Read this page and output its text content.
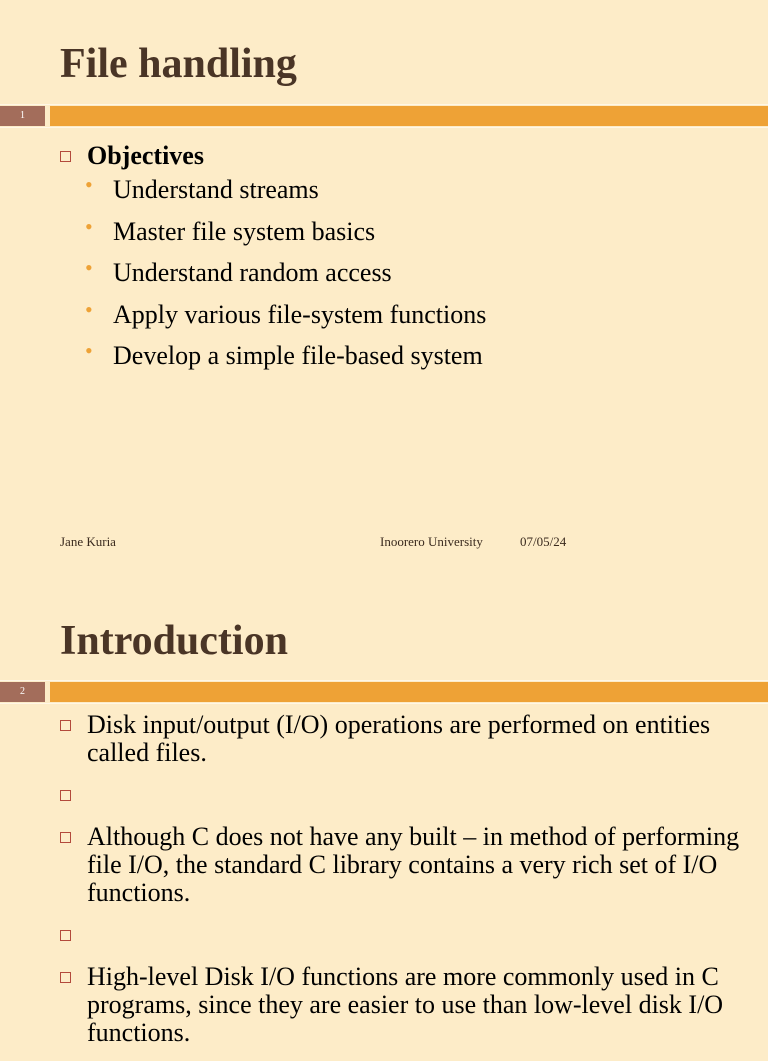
File handling
1
Objectives
• Understand streams
• Master file system basics
• Understand random access
• Apply various file-system functions
• Develop a simple file-based system
Jane Kuria	Inoorero University	07/05/24
Introduction
2
Disk input/output (I/O) operations are performed on entities called files.
Although C does not have any built – in method of performing file I/O, the standard C library contains a very rich set of I/O functions.
High-level Disk I/O functions are more commonly used in C programs, since they are easier to use than low-level disk I/O functions.
